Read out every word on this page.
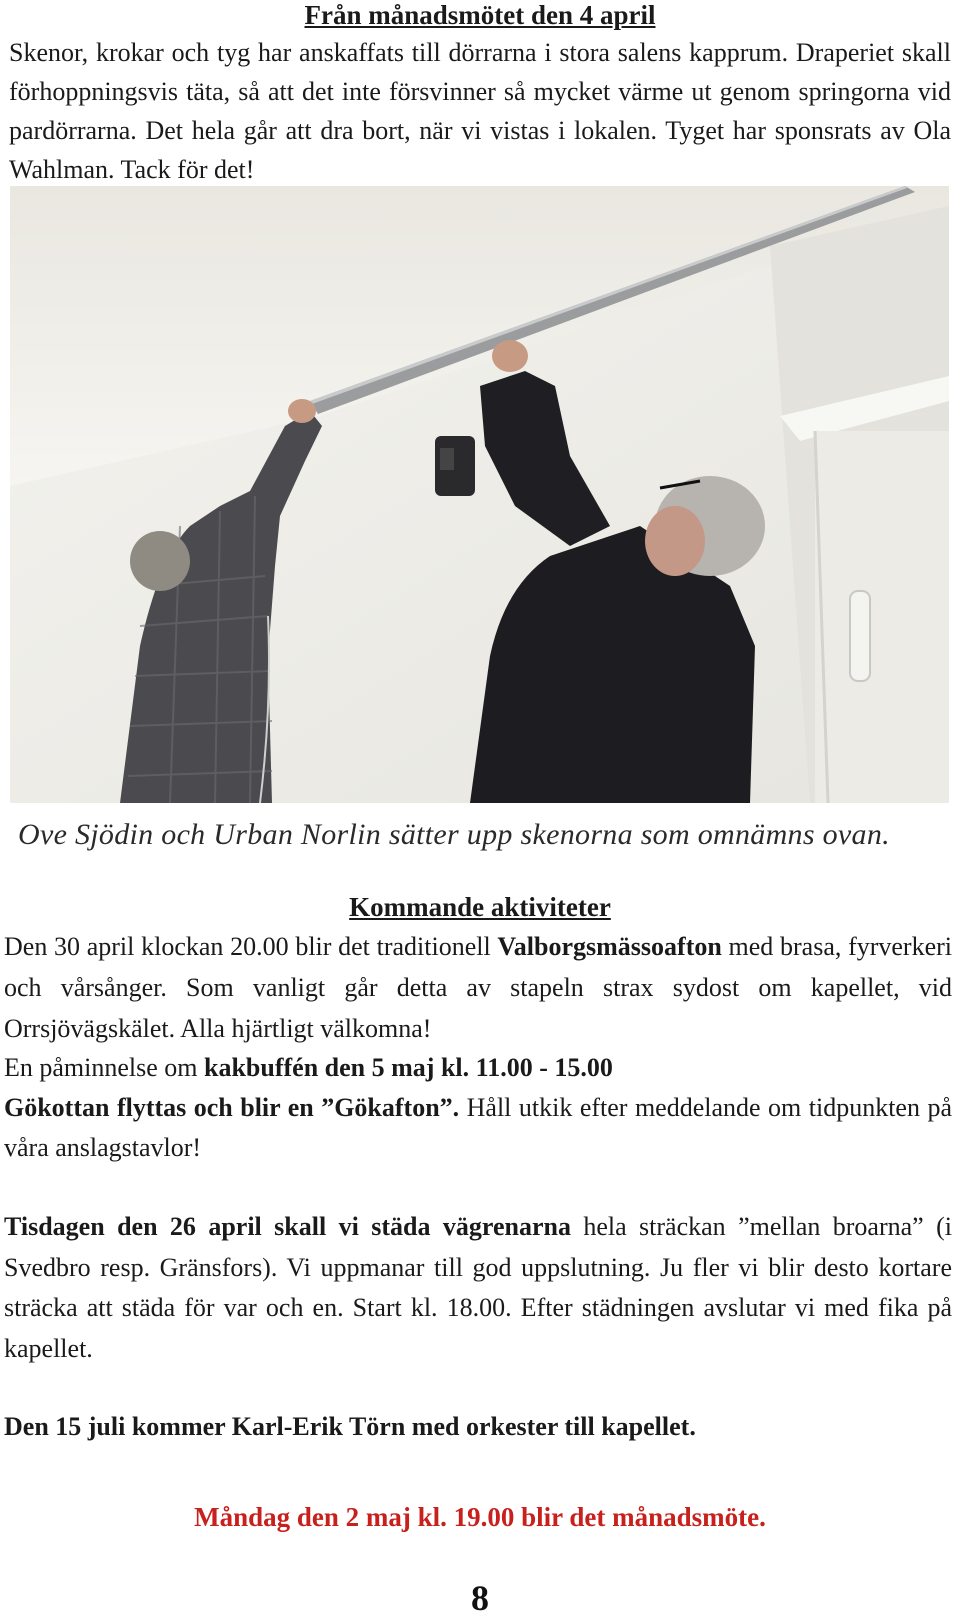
Från månadsmötet den 4 april

Skenor, krokar och tyg har anskaffats till dörrarna i stora salens kapprum. Draperiet skall förhoppningsvis täta, så att det inte försvinner så mycket värme ut genom springorna vid pardörrarna. Det hela går att dra bort, när vi vistas i lokalen. Tyget har sponsrats av Ola Wahlman. Tack för det!

Ove Sjödin och Urban Norlin sätter upp skenorna som omnämns ovan.

Kommande aktiviteter

Den 30 april klockan 20.00 blir det traditionell Valborgsmässoafton med brasa, fyrverkeri och vårsånger. Som vanligt går detta av stapeln strax sydost om kapellet, vid Orrsjövägskälet. Alla hjärtligt välkomna!

En påminnelse om kakbuffén den 5 maj kl. 11.00 - 15.00

Gökottan flyttas och blir en ”Gökafton”. Håll utkik efter meddelande om tidpunkten på våra anslagstavlor!

Tisdagen den 26 april skall vi städa vägrenarna hela sträckan ”mellan broarna” (i Svedbro resp. Gränsfors). Vi uppmanar till god uppslutning. Ju fler vi blir desto kortare sträcka att städa för var och en. Start kl. 18.00. Efter städningen avslutar vi med fika på kapellet.

Den 15 juli kommer Karl-Erik Törn med orkester till kapellet.

Måndag den 2 maj kl. 19.00 blir det månadsmöte.

8
